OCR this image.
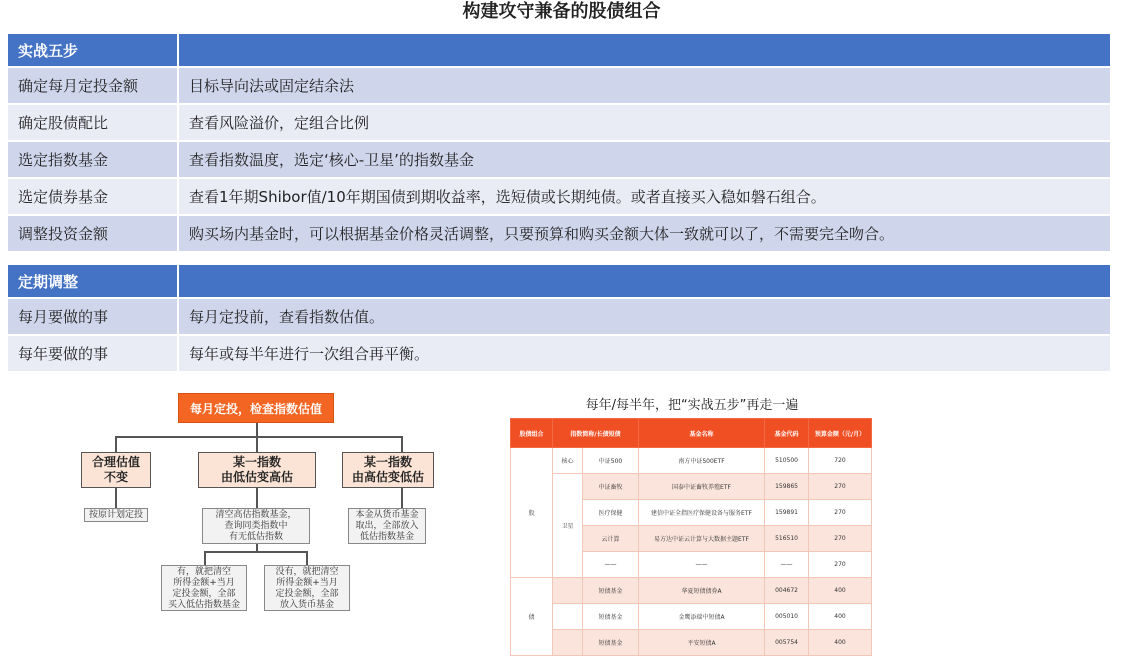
构建攻守兼备的股债组合
实战五步	
确定每月定投金额	目标导向法或固定结余法
确定股债配比	查看风险溢价，定组合比例
选定指数基金	查看指数温度，选定‘核心-卫星’的指数基金
选定债券基金	查看1年期Shibor值/10年期国债到期收益率，选短债或长期纯债。或者直接买入稳如磐石组合。
调整投资金额	购买场内基金时，可以根据基金价格灵活调整，只要预算和购买金额大体一致就可以了，不需要完全吻合。
定期调整	
每月要做的事	每月定投前，查看指数估值。
每年要做的事	每年或每半年进行一次组合再平衡。
每月定投，检查指数估值
合理估值
不变
某一指数
由低估变高估
某一指数
由高估变低估
按原计划定投	清空高估指数基金，
查询同类指数中
有无低估指数
本金从货币基金
取出，全部放入
低估指数基金
有，就把清空
所得金额+当月
定投金额，全部
买入低估指数基金
没有，就把清空
所得金额+当月
定投金额，全部
放入货币基金
每年/每半年，把“实战五步”再走一遍
股债组合	指数简称/长债短债		基金名称	基金代码	预算金额（元/月）
股	核心	中证500	南方中证500ETF	510500	720
	卫星	中证畜牧	国泰中证畜牧养殖ETF	159865	270
		医疗保健	建信中证全指医疗保健设备与服务ETF	159891	270
		云计算	易方达中证云计算与大数据主题ETF	516510	270
		——	——	——	270
债		短债基金	华夏短债债券A	004672	400
		短债基金	金鹰添瑞中短债A	005010	400
		短债基金	平安短债A	005754	400
